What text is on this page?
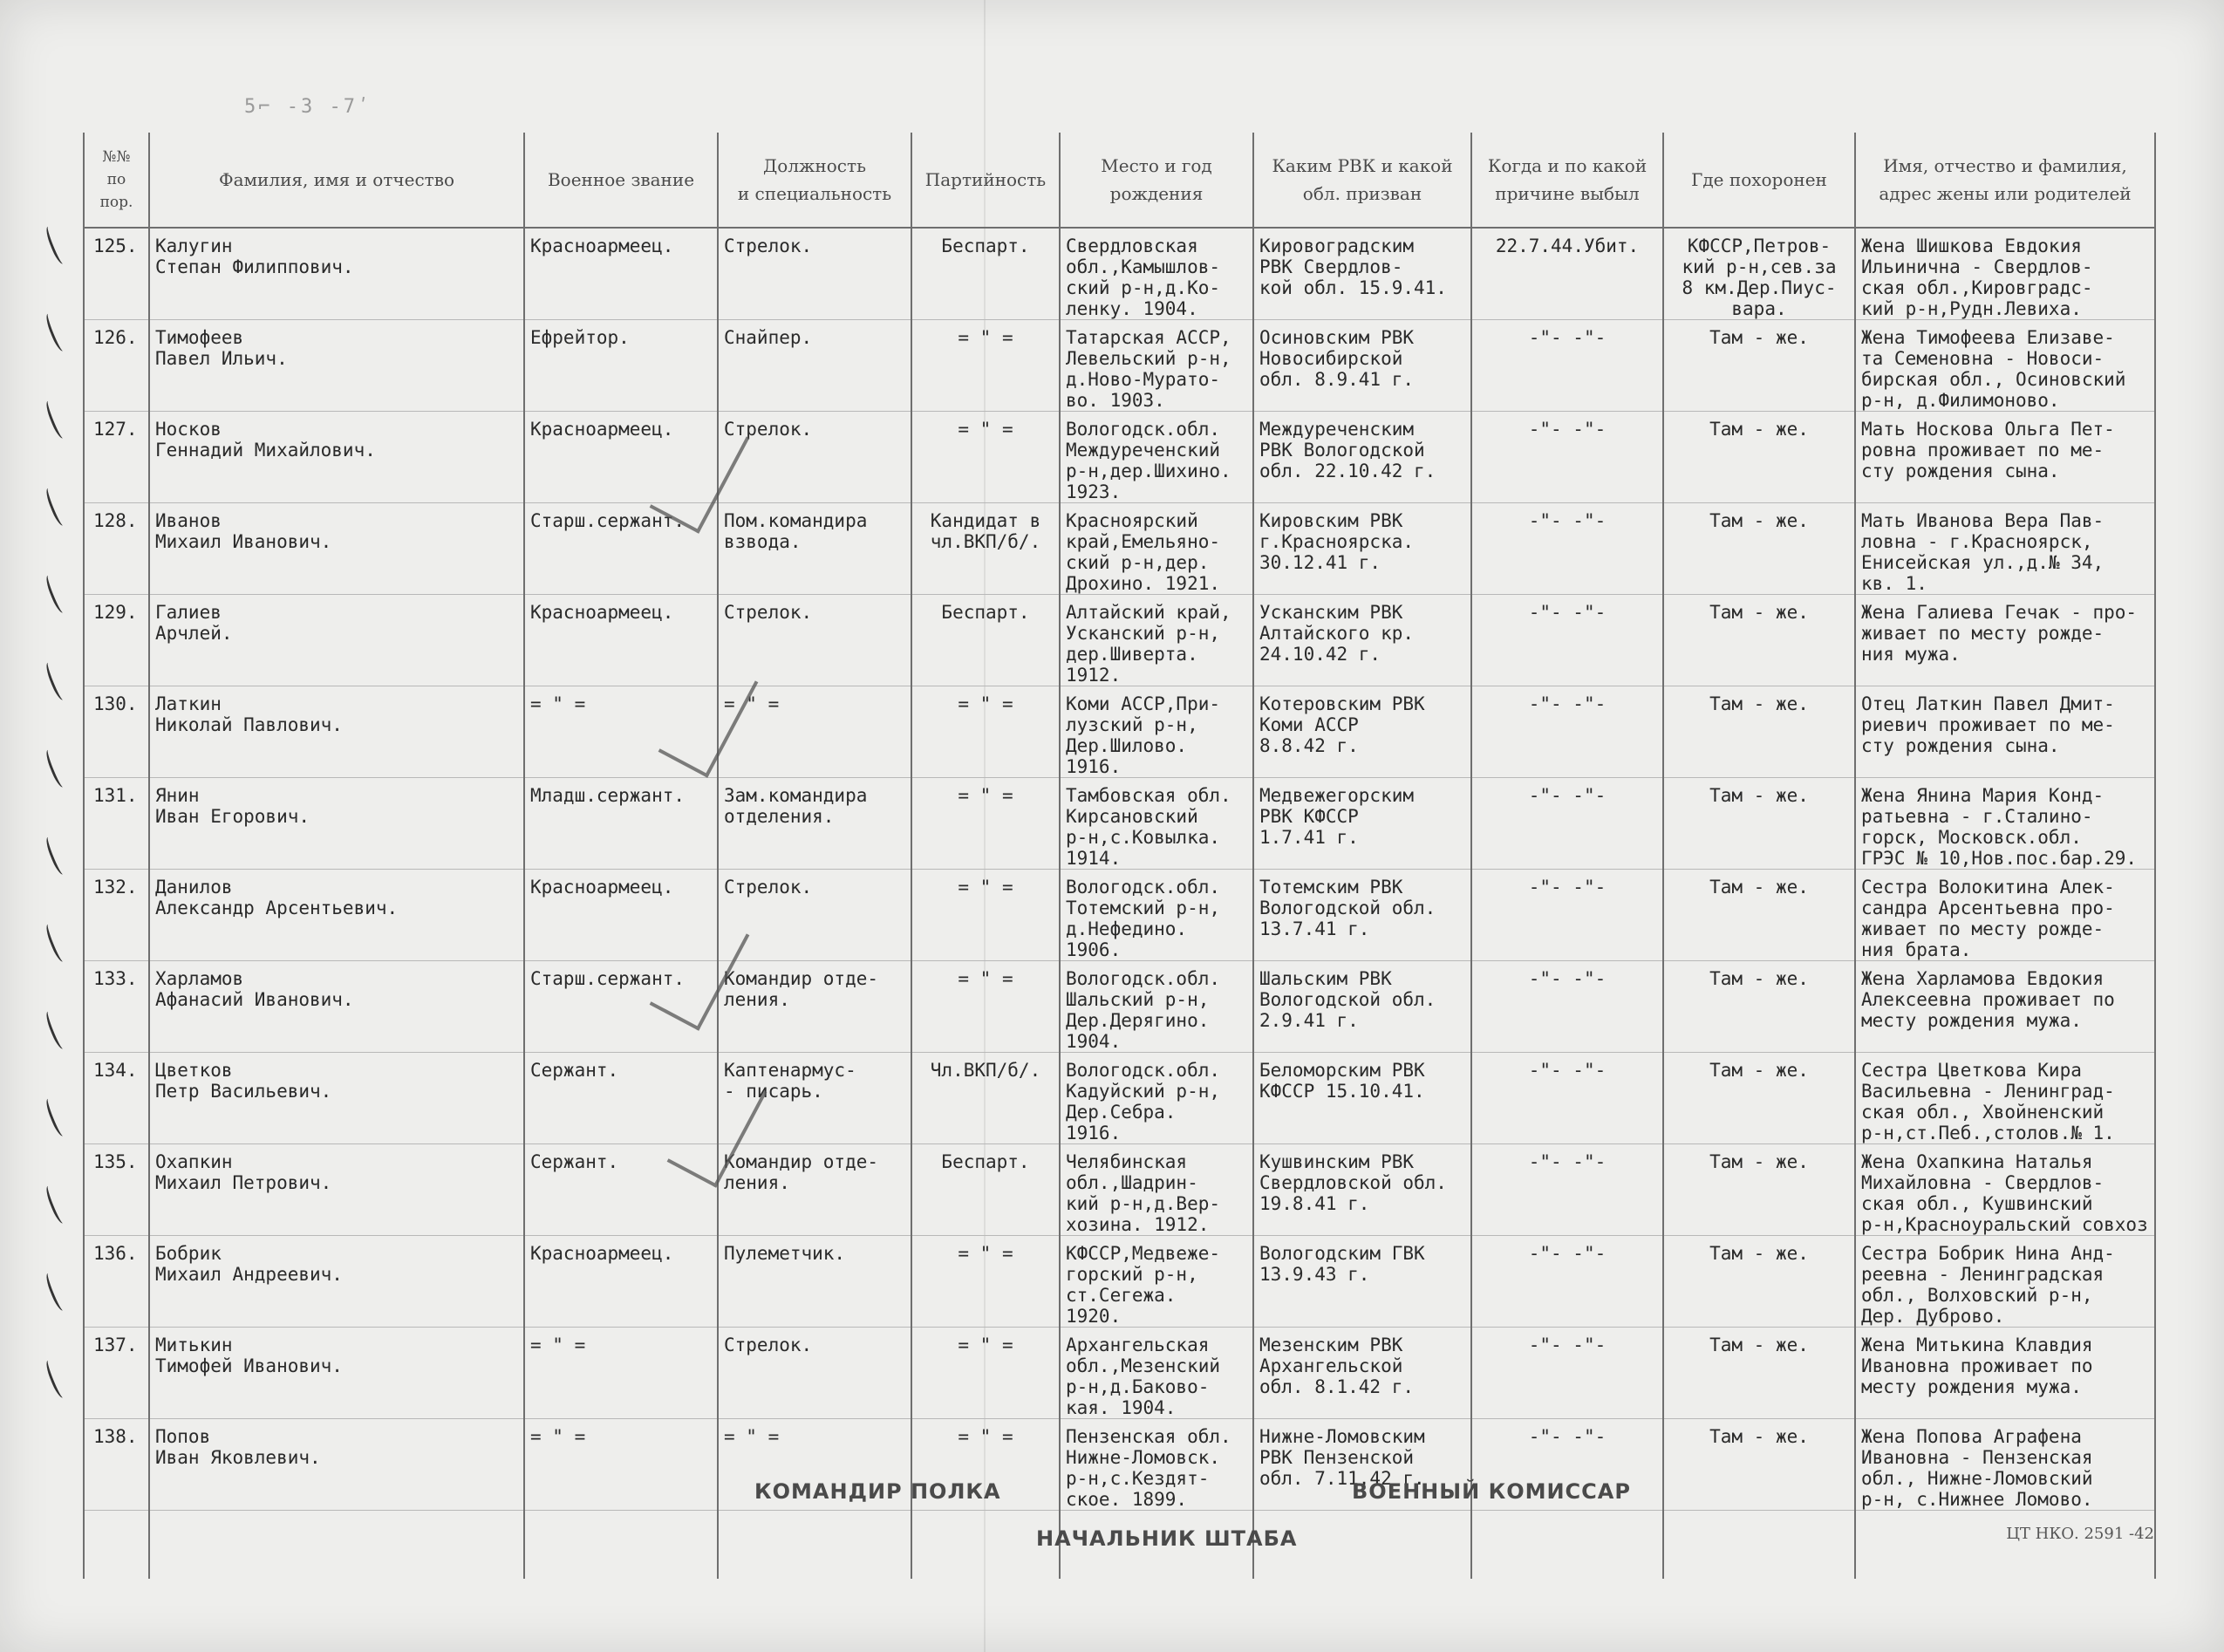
5⌐ -3 -7ʹ
№№
по
пор.	Фамилия, имя и отчество	Военное звание	Должность
и специальность	Партийность	Место и год
рождения	Каким РВК и какой
обл. призван	Когда и по какой
причине выбыл	Где похоронен	Имя, отчество и фамилия,
адрес жены или родителей
125.	Калугин
Степан Филиппович.	Красноармеец.	Стрелок.	Беспарт.	Свердловская
обл.,Камышлов-
ский р-н,д.Ко-
ленку. 1904.	Кировоградским
РВК Свердлов-
кой обл. 15.9.41.	22.7.44.Убит.	КФССР,Петров-
кий р-н,сев.за
8 км.Дер.Пиус-
вара.	Жена Шишкова Евдокия
Ильинична - Свердлов-
ская обл.,Кировградс-
кий р-н,Рудн.Левиха.
126.	Тимофеев
Павел Ильич.	Ефрейтор.	Снайпер.	= " =	Татарская АССР,
Левельский р-н,
д.Ново-Мурато-
во. 1903.	Осиновским РВК
Новосибирской
обл. 8.9.41 г.	-"- -"-	Там - же.	Жена Тимофеева Елизаве-
та Семеновна - Новоси-
бирская обл., Осиновский
р-н, д.Филимоново.
127.	Носков
Геннадий Михайлович.	Красноармеец.	Стрелок.	= " =	Вологодск.обл.
Междуреченский
р-н,дер.Шихино.
1923.	Междуреченским
РВК Вологодской
обл. 22.10.42 г.	-"- -"-	Там - же.	Мать Носкова Ольга Пет-
ровна проживает по ме-
сту рождения сына.
128.	Иванов
Михаил Иванович.	Старш.сержант.	Пом.командира
взвода.	Кандидат в
чл.ВКП/б/.	Красноярский
край,Емельяно-
ский р-н,дер.
Дрохино. 1921.	Кировским РВК
г.Красноярска.
30.12.41 г.	-"- -"-	Там - же.	Мать Иванова Вера Пав-
ловна - г.Красноярск,
Енисейская ул.,д.№ 34,
кв. 1.
129.	Галиев
Арчлей.	Красноармеец.	Стрелок.	Беспарт.	Алтайский край,
Усканский р-н,
дер.Шиверта.
1912.	Усканским РВК
Алтайского кр.
24.10.42 г.	-"- -"-	Там - же.	Жена Галиева Гечак - про-
живает по месту рожде-
ния мужа.
130.	Латкин
Николай Павлович.	= " =	= " =	= " =	Коми АССР,При-
лузский р-н,
Дер.Шилово.
1916.	Котеровским РВК
Коми АССР
8.8.42 г.	-"- -"-	Там - же.	Отец Латкин Павел Дмит-
риевич проживает по ме-
сту рождения сына.
131.	Янин
Иван Егорович.	Младш.сержант.	Зам.командира
отделения.	= " =	Тамбовская обл.
Кирсановский
р-н,с.Ковылка.
1914.	Медвежегорским
РВК КФССР
1.7.41 г.	-"- -"-	Там - же.	Жена Янина Мария Конд-
ратьевна - г.Сталино-
горск, Московск.обл.
ГРЭС № 10,Нов.пос.бар.29.
132.	Данилов
Александр Арсентьевич.	Красноармеец.	Стрелок.	= " =	Вологодск.обл.
Тотемский р-н,
д.Нефедино.
1906.	Тотемским РВК
Вологодской обл.
13.7.41 г.	-"- -"-	Там - же.	Сестра Волокитина Алек-
сандра Арсентьевна про-
живает по месту рожде-
ния брата.
133.	Харламов
Афанасий Иванович.	Старш.сержант.	Командир отде-
ления.	= " =	Вологодск.обл.
Шальский р-н,
Дер.Дерягино.
1904.	Шальским РВК
Вологодской обл.
2.9.41 г.	-"- -"-	Там - же.	Жена Харламова Евдокия
Алексеевна проживает по
месту рождения мужа.
134.	Цветков
Петр Васильевич.	Сержант.	Каптенармус-
- писарь.	Чл.ВКП/б/.	Вологодск.обл.
Кадуйский р-н,
Дер.Себра.
1916.	Беломорским РВК
КФССР 15.10.41.	-"- -"-	Там - же.	Сестра Цветкова Кира
Васильевна - Ленинград-
ская обл., Хвойненский
р-н,ст.Пеб.,столов.№ 1.
135.	Охапкин
Михаил Петрович.	Сержант.	Командир отде-
ления.	Беспарт.	Челябинская
обл.,Шадрин-
кий р-н,д.Вер-
хозина. 1912.	Кушвинским РВК
Свердловской обл.
19.8.41 г.	-"- -"-	Там - же.	Жена Охапкина Наталья
Михайловна - Свердлов-
ская обл., Кушвинский
р-н,Красноуральский совхоз
136.	Бобрик
Михаил Андреевич.	Красноармеец.	Пулеметчик.	= " =	КФССР,Медвеже-
горский р-н,
ст.Сегежа.
1920.	Вологодским ГВК
13.9.43 г.	-"- -"-	Там - же.	Сестра Бобрик Нина Анд-
реевна - Ленинградская
обл., Волховский р-н,
Дер. Дуброво.
137.	Митькин
Тимофей Иванович.	= " =	Стрелок.	= " =	Архангельская
обл.,Мезенский
р-н,д.Баково-
кая. 1904.	Мезенским РВК
Архангельской
обл. 8.1.42 г.	-"- -"-	Там - же.	Жена Митькина Клавдия
Ивановна проживает по
месту рождения мужа.
138.	Попов
Иван Яковлевич.	= " =	= " =	= " =	Пензенская обл.
Нижне-Ломовск.
р-н,с.Кездят-
ское. 1899.	Нижне-Ломовским
РВК Пензенской
обл. 7.11.42 г.	-"- -"-	Там - же.	Жена Попова Аграфена
Ивановна - Пензенская
обл., Нижне-Ломовский
р-н, с.Нижнее Ломово.

КОМАНДИР ПОЛКА	ВОЕННЫЙ КОМИССАР
НАЧАЛЬНИК ШТАБА	ЦТ НКО. 2591 -42
